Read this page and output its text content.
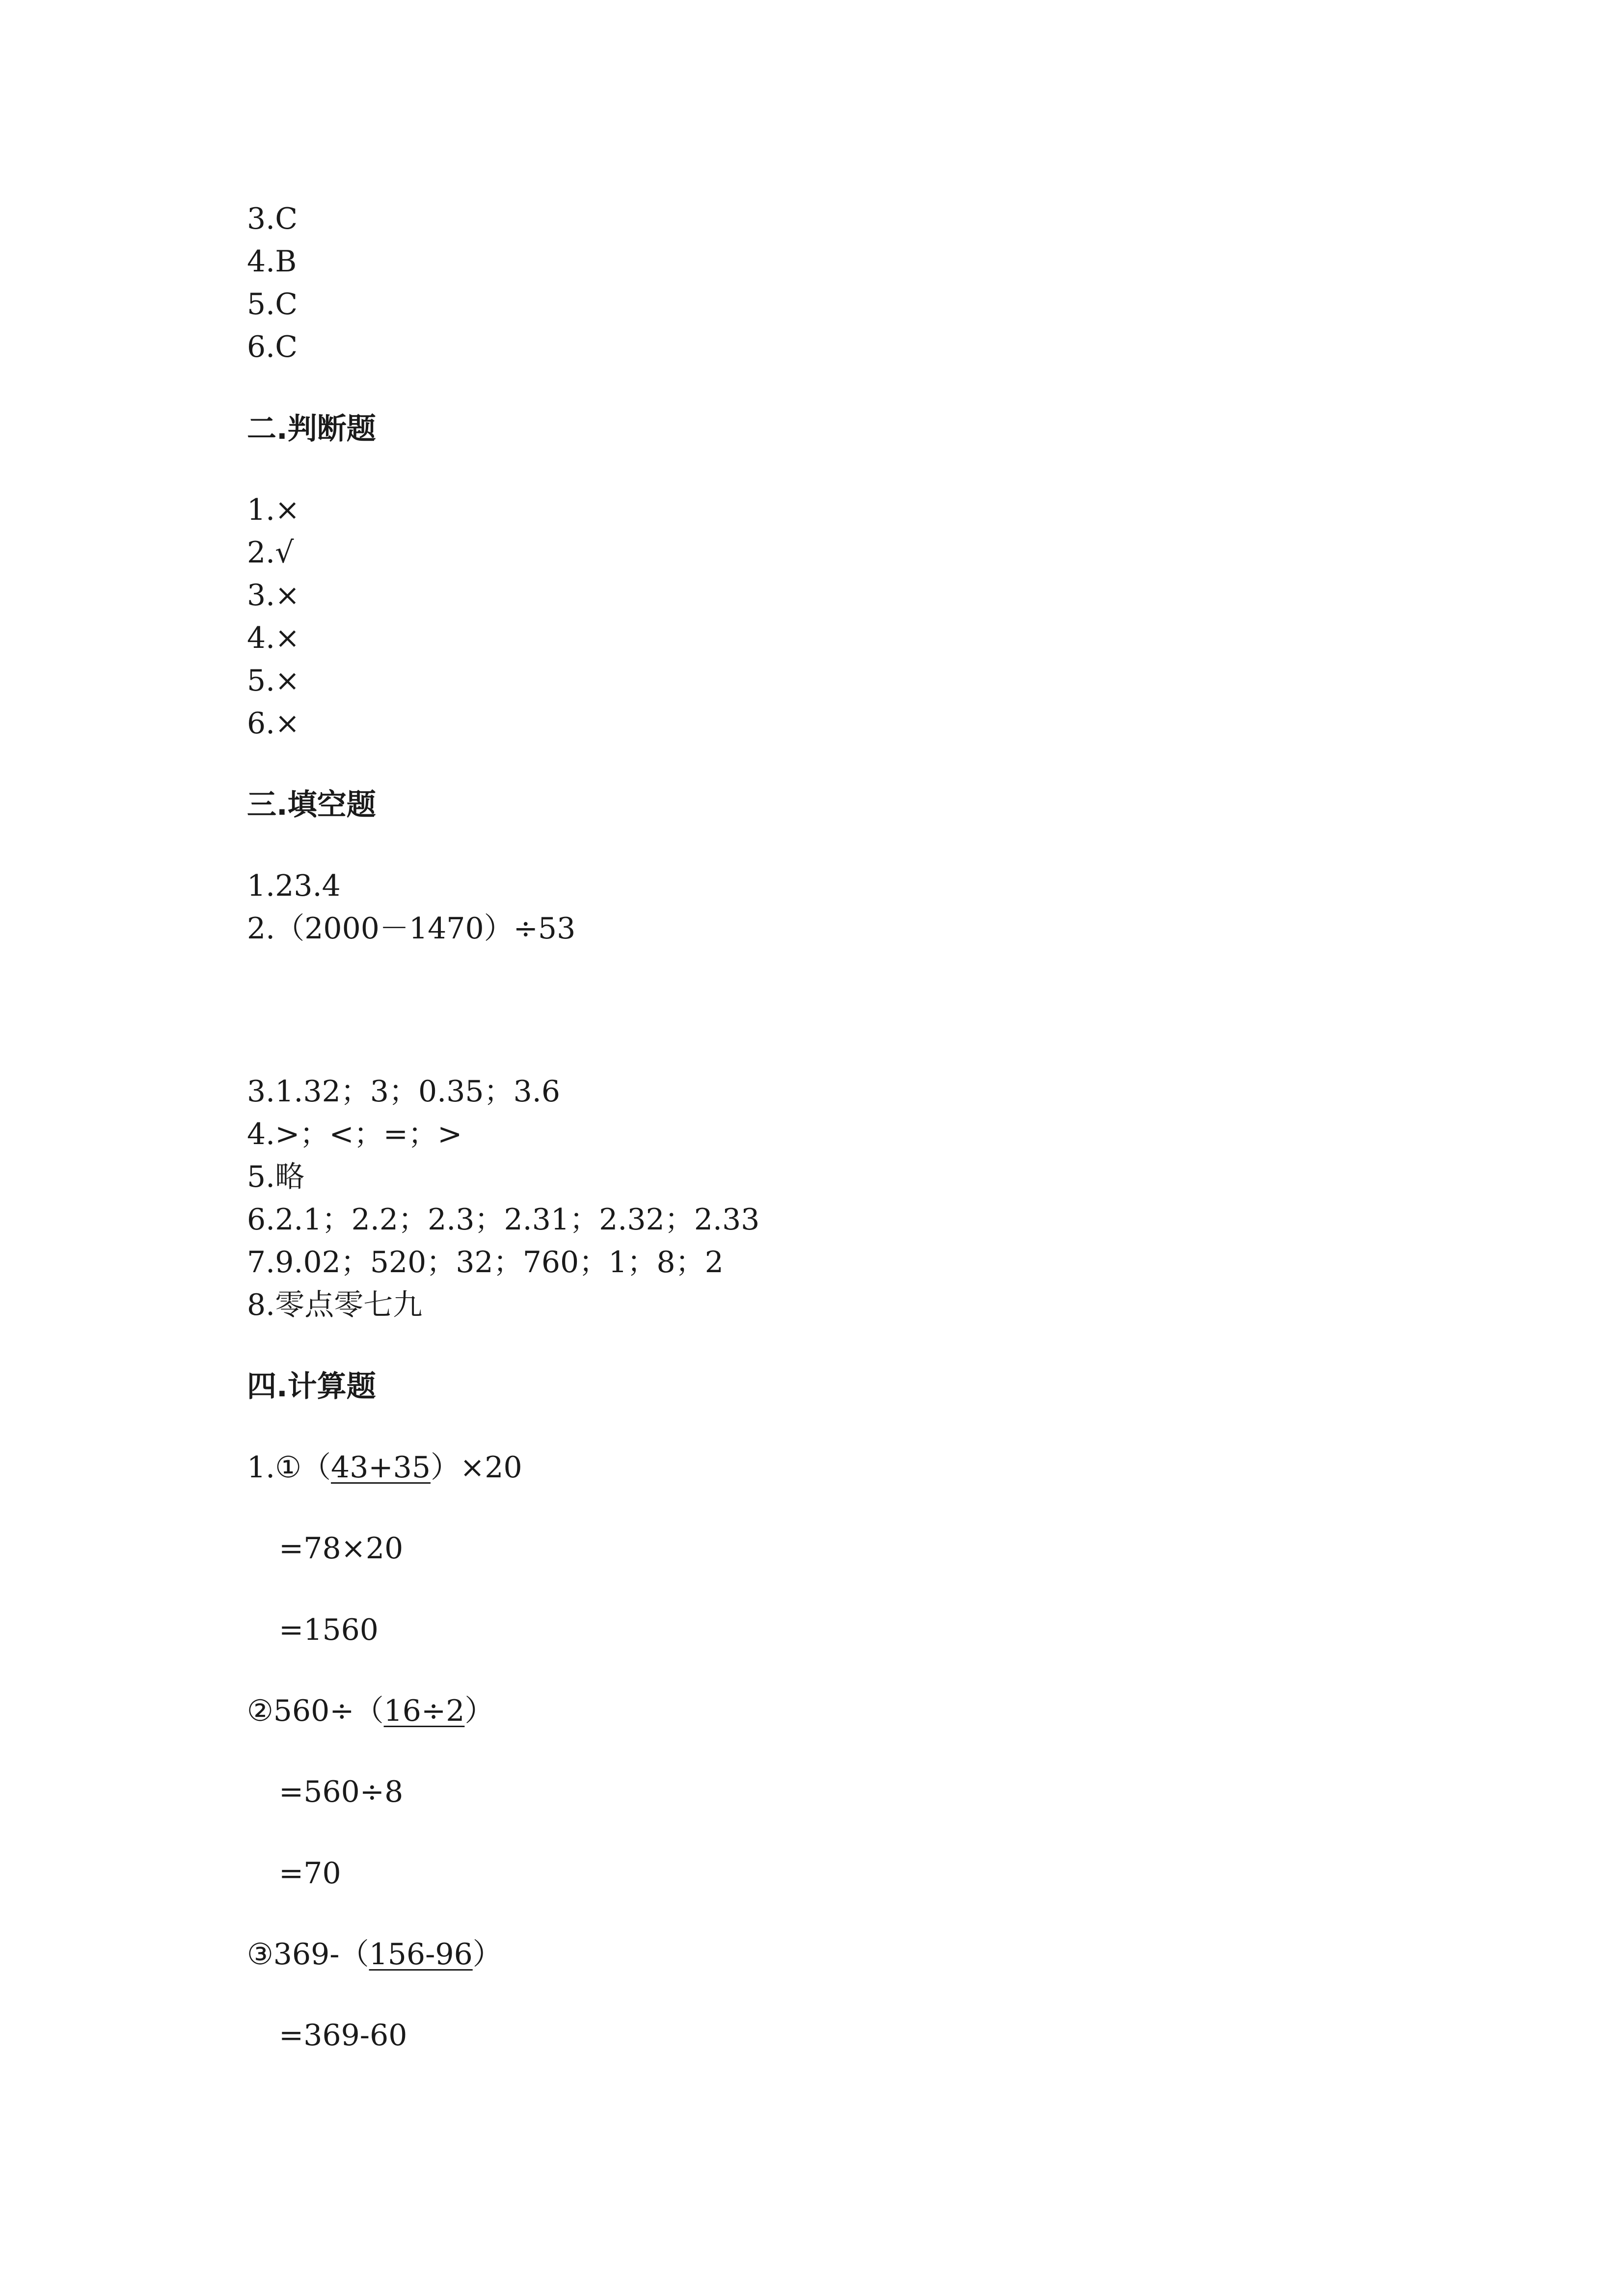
3.C
4.B
5.C
6.C
二.判断题
1.×
2.√
3.×
4.×
5.×
6.×
三.填空题
1.23.4
2.（2000－1470）÷53
3.1.32；3；0.35；3.6
4.>；<；=；>
5.略
6.2.1；2.2；2.3；2.31；2.32；2.33
7.9.02；520；32；760；1；8；2
8.零点零七九
四.计算题
1.①（43+35）×20
=78×20
=1560
②560÷（16÷2）
=560÷8
=70
③369-（156-96）
=369-60
